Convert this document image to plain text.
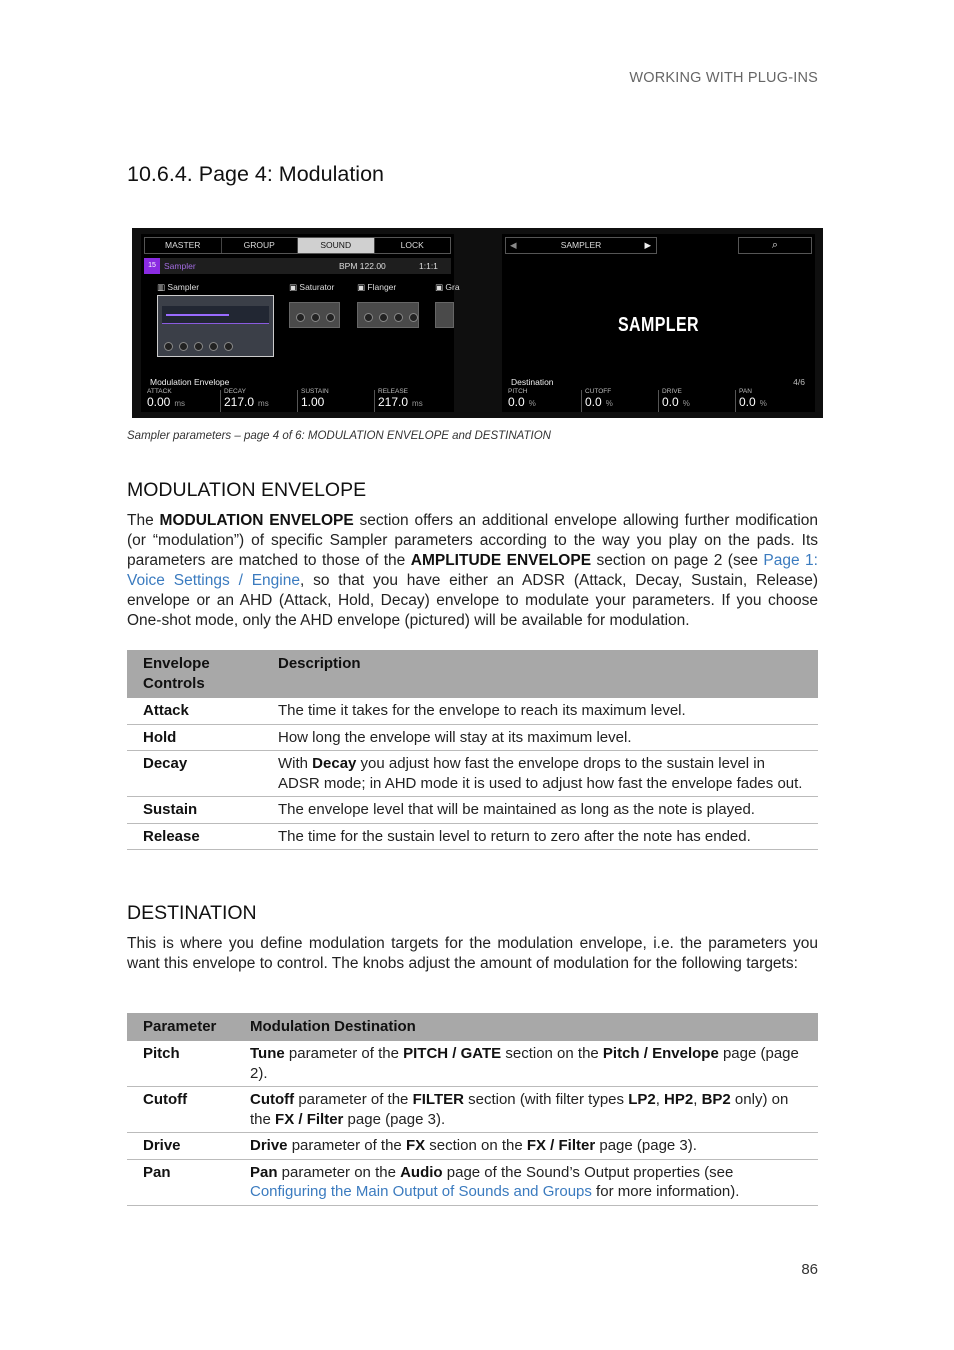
WORKING WITH PLUG-INS
10.6.4. Page 4: Modulation
MASTER	GROUP	SOUND	LOCK
15 Sampler	BPM 122.00	1:1:1
▥ Sampler	▣ Saturator	▣ Flanger	▣ Gra
Modulation Envelope
ATTACK
0.00 ms
DECAY
217.0 ms
SUSTAIN
1.00
RELEASE
217.0 ms
◀	SAMPLER	▶	⌕
SAMPLER
Destination	4/6
PITCH
0.0 %
CUTOFF
0.0 %
DRIVE
0.0 %
PAN
0.0 %
Sampler parameters – page 4 of 6: MODULATION ENVELOPE and DESTINATION
MODULATION ENVELOPE

The MODULATION ENVELOPE section offers an additional envelope allowing further modification (or “modulation”) of specific Sampler parameters according to the way you play on the pads. Its parameters are matched to those of the AMPLITUDE ENVELOPE section on page 2 (see Page 1: Voice Settings / Engine, so that you have either an ADSR (Attack, Decay, Sustain, Release) envelope or an AHD (Attack, Hold, Decay) envelope to modulate your parameters. If you choose One-shot mode, only the AHD envelope (pictured) will be available for modulation.

Envelope Controls	Description
Attack	The time it takes for the envelope to reach its maximum level.
Hold	How long the envelope will stay at its maximum level.
Decay	With Decay you adjust how fast the envelope drops to the sustain level in ADSR mode; in AHD mode it is used to adjust how fast the envelope fades out.
Sustain	The envelope level that will be maintained as long as the note is played.
Release	The time for the sustain level to return to zero after the note has ended.
DESTINATION

This is where you define modulation targets for the modulation envelope, i.e. the parameters you want this envelope to control. The knobs adjust the amount of modulation for the following targets:

Parameter	Modulation Destination
Pitch	Tune parameter of the PITCH / GATE section on the Pitch / Envelope page (page 2).
Cutoff	Cutoff parameter of the FILTER section (with filter types LP2, HP2, BP2 only) on the FX / Filter page (page 3).
Drive	Drive parameter of the FX section on the FX / Filter page (page 3).
Pan	Pan parameter on the Audio page of the Sound’s Output properties (see Configuring the Main Output of Sounds and Groups for more information).
86
